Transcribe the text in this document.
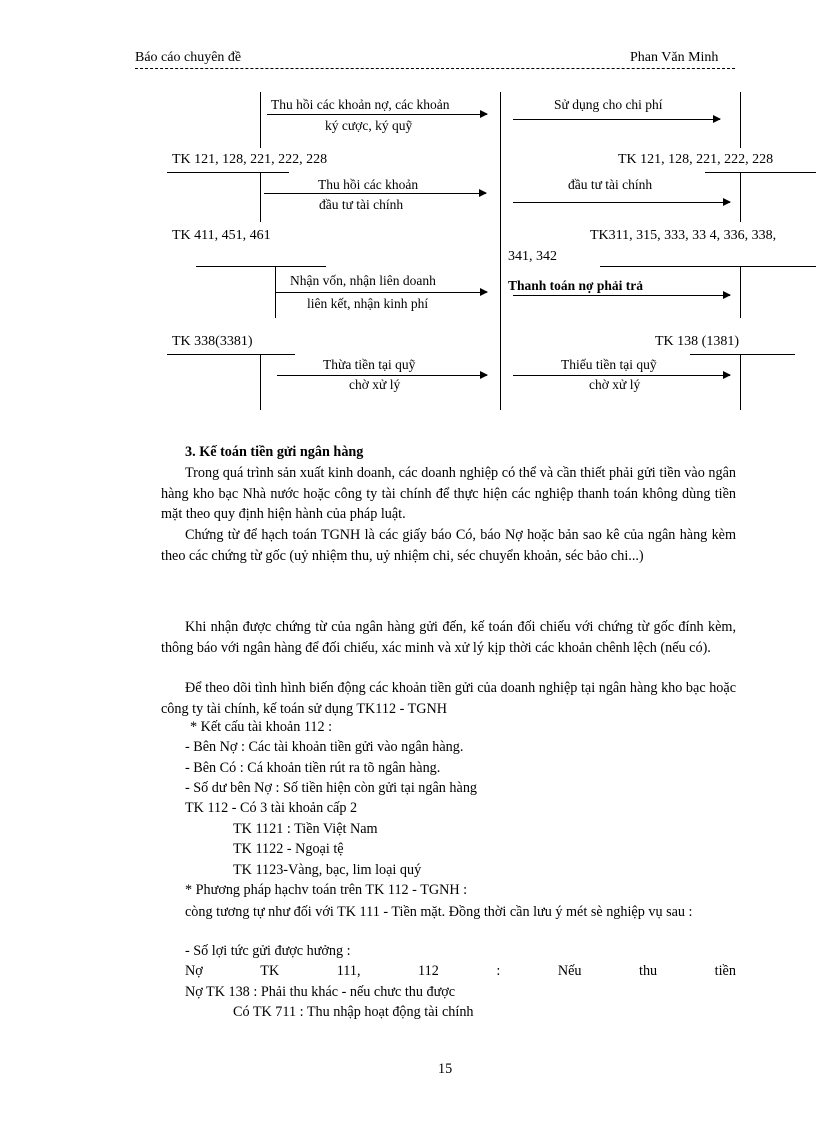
Báo cáo chuyên đề	Phan Văn Minh
Thu hồi các khoản nợ, các khoản
ký cược, ký quỹ
TK 121, 128, 221, 222, 228
Thu hồi các khoản
đầu tư tài chính
TK 411, 451, 461
Nhận vốn, nhận liên doanh
liên kết, nhận kinh phí
TK 338(3381)
Thừa tiền tại quỹ
chờ xử lý
Sử dụng cho chi phí
TK 121, 128, 221, 222, 228
đầu tư tài chính
TK311, 315, 333, 33 4, 336, 338,
341, 342
Thanh toán nợ phải trả
TK 138 (1381)
Thiếu tiền tại quỹ
chờ xử lý
3. Kế toán tiền gửi ngân hàng

Trong quá trình sản xuất kinh doanh, các doanh nghiệp có thể và cần thiết phải gửi tiền vào ngân hàng kho bạc Nhà nước hoặc công ty tài chính để thực hiện các nghiệp thanh toán không dùng tiền mặt theo quy định hiện hành của pháp luật.

Chứng từ để hạch toán TGNH là các giấy báo Có, báo Nợ hoặc bản sao kê của ngân hàng kèm theo các chứng từ gốc (uỷ nhiệm thu, uỷ nhiệm chi, séc chuyển khoản, séc bảo chi...)

Khi nhận được chứng từ của ngân hàng gửi đến, kế toán đối chiếu với chứng từ gốc đính kèm, thông báo với ngân hàng để đối chiếu, xác minh và xử lý kịp thời các khoản chênh lệch (nếu có).

Để theo dõi tình hình biến động các khoản tiền gửi của doanh nghiệp tại ngân hàng kho bạc hoặc công ty tài chính, kế toán sử dụng TK112 - TGNH

* Kết cấu tài khoản 112 :
- Bên Nợ : Các tài khoản tiền gửi vào ngân hàng.
- Bên Có : Cá khoản tiền rút ra tõ ngân hàng.
- Số dư bên Nợ : Số tiền hiện còn gửi tại ngân hàng
TK 112 - Có 3 tài khoản cấp 2
TK 1121 : Tiền Việt Nam
TK 1122 - Ngoại tệ
TK 1123-Vàng, bạc, lim loại quý
* Phương pháp hạchv toán trên TK 112 - TGNH :

còng tương tự như đối với TK 111 - Tiền mặt. Đồng thời cần lưu ý mét sè nghiệp vụ sau :

- Số lợi tức gửi được hưởng :
Nợ	TK	111,	112	:	Nếu	thu	tiền
Nợ TK 138 : Phải thu khác - nếu chưc thu được
Có TK 711 : Thu nhập hoạt động tài chính
15
